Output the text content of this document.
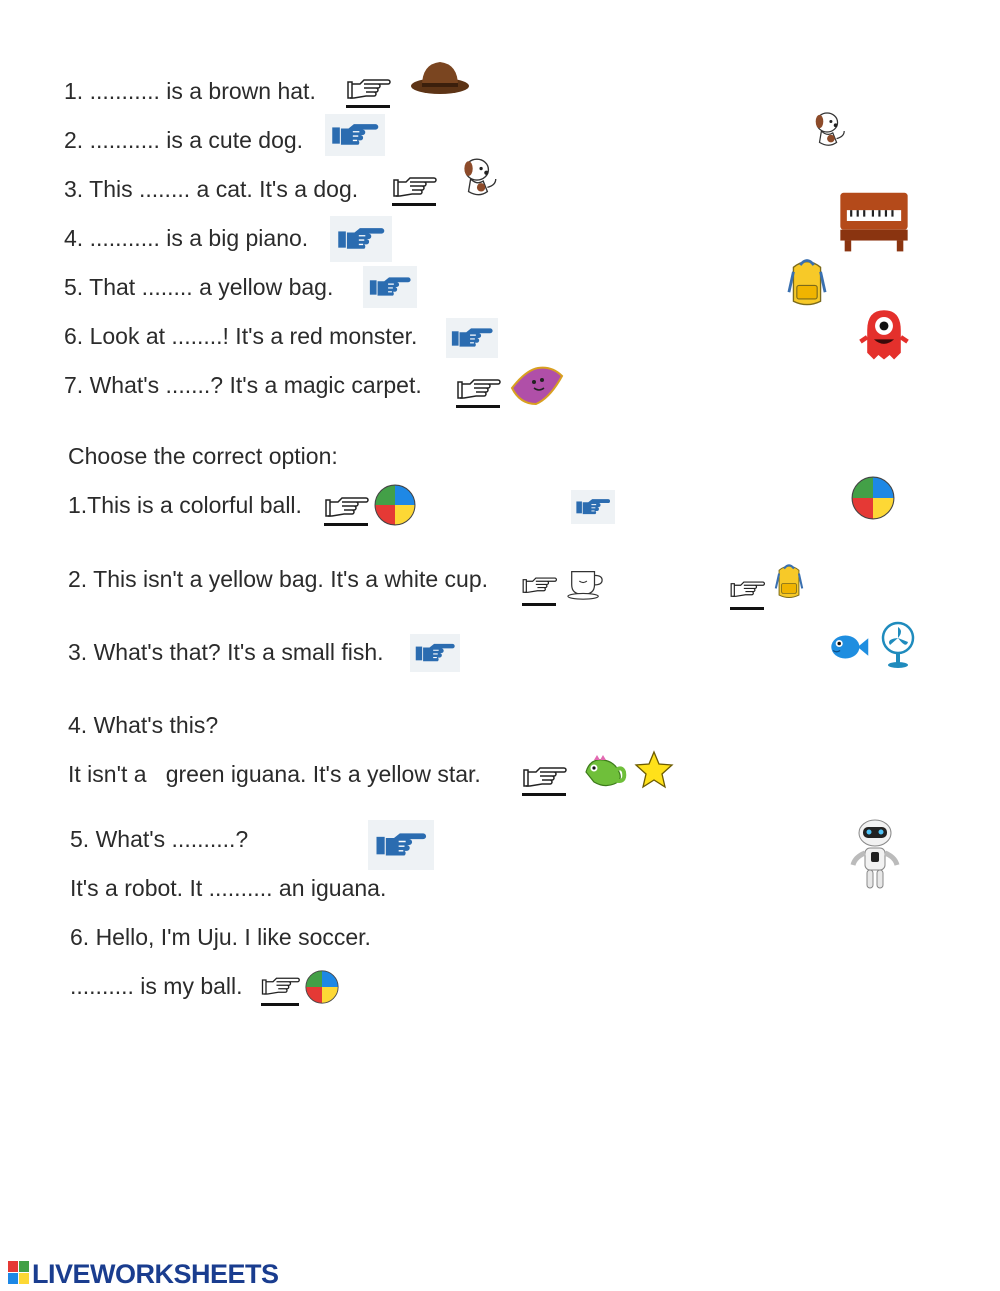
1. ........... is a brown hat.
2. ........... is a cute dog.
3. This ........ a cat. It's a dog.
4. ........... is a big piano.
5. That ........ a yellow bag.
6. Look at ........! It's a red monster.
7. What's .......? It's a magic carpet.
Choose the correct option:
1.This is a colorful ball.
2. This isn't a yellow bag. It's a white cup.
3. What's that? It's a small fish.
4. What's this?
It isn't a   green iguana. It's a yellow star.
5. What's ..........?
It's a robot. It .......... an iguana.
6. Hello, I'm Uju. I like soccer.
.......... is my ball.
LIVEWORKSHEETS
